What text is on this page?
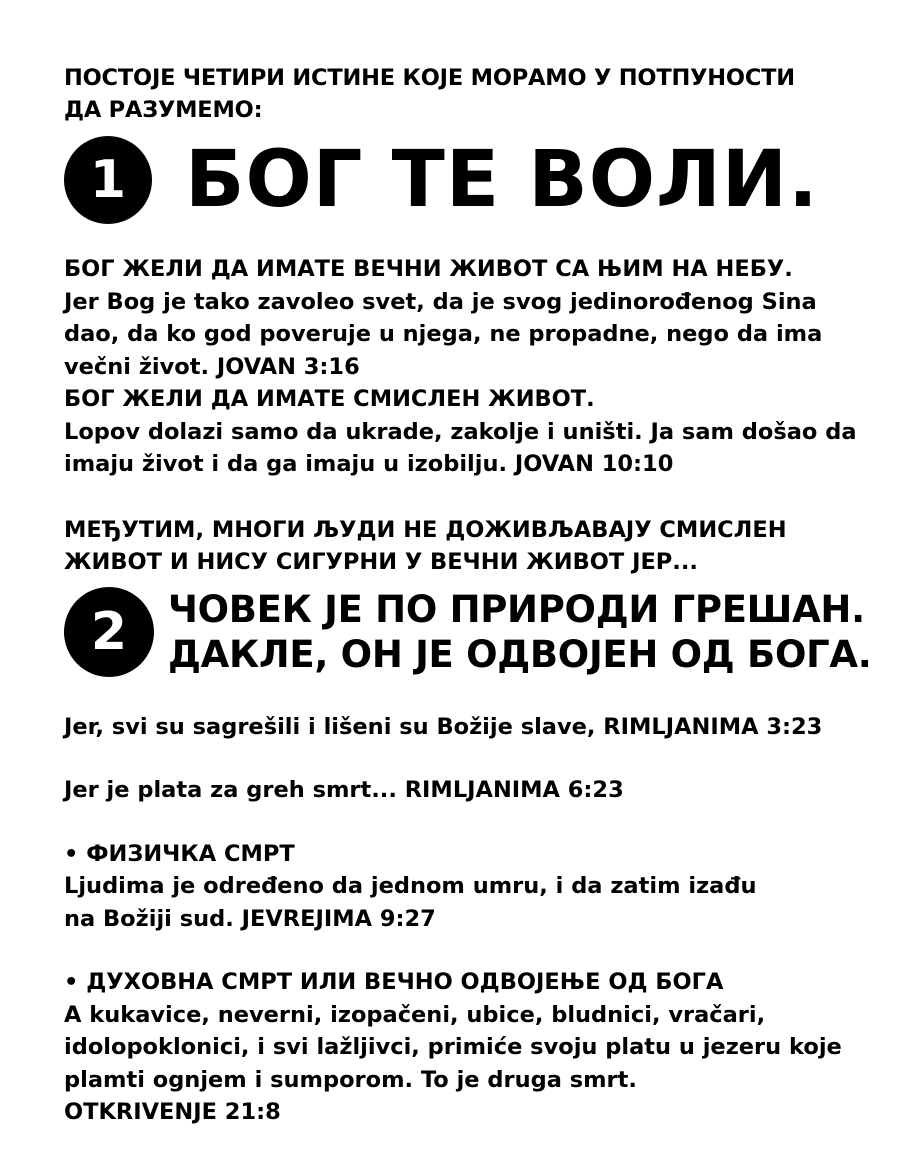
ПОСТОЈЕ ЧЕТИРИ ИСТИНЕ КОЈЕ МОРАМО У ПОТПУНОСТИ
ДА РАЗУМЕМО:
1 БОГ ТЕ ВОЛИ.
БОГ ЖЕЛИ ДА ИМАТЕ ВЕЧНИ ЖИВОТ СА ЊИМ НА НЕБУ.
Jer Bog je tako zavoleo svet, da je svog jedinorođenog Sina
dao, da ko god poveruje u njega, ne propadne, nego da ima
večni život. JOVAN 3:16
БОГ ЖЕЛИ ДА ИМАТЕ СМИСЛЕН ЖИВОТ.
Lopov dolazi samo da ukrade, zakolje i uništi. Ja sam došao da
imaju život i da ga imaju u izobilju. JOVAN 10:10
МЕЂУТИМ, МНОГИ ЉУДИ НЕ ДОЖИВЉАВАЈУ СМИСЛЕН
ЖИВОТ И НИСУ СИГУРНИ У ВЕЧНИ ЖИВОТ ЈЕР...
2	ЧОВЕК ЈЕ ПО ПРИРОДИ ГРЕШАН.
ДАКЛЕ, ОН ЈЕ ОДВОЈЕН ОД БОГА.
Jer, svi su sagrešili i lišeni su Božije slave, RIMLJANIMA 3:23
Jer je plata za greh smrt... RIMLJANIMA 6:23
• ФИЗИЧКА СМРТ
Ljudima je određeno da jednom umru, i da zatim izađu
na Božiji sud. JEVREJIMA 9:27
• ДУХОВНА СМРТ ИЛИ ВЕЧНО ОДВОЈЕЊЕ ОД БОГА
A kukavice, neverni, izopačeni, ubice, bludnici, vračari,
idolopoklonici, i svi lažljivci, primiće svoju platu u jezeru koje
plamti ognjem i sumporom. To je druga smrt.
OTKRIVENJE 21:8
